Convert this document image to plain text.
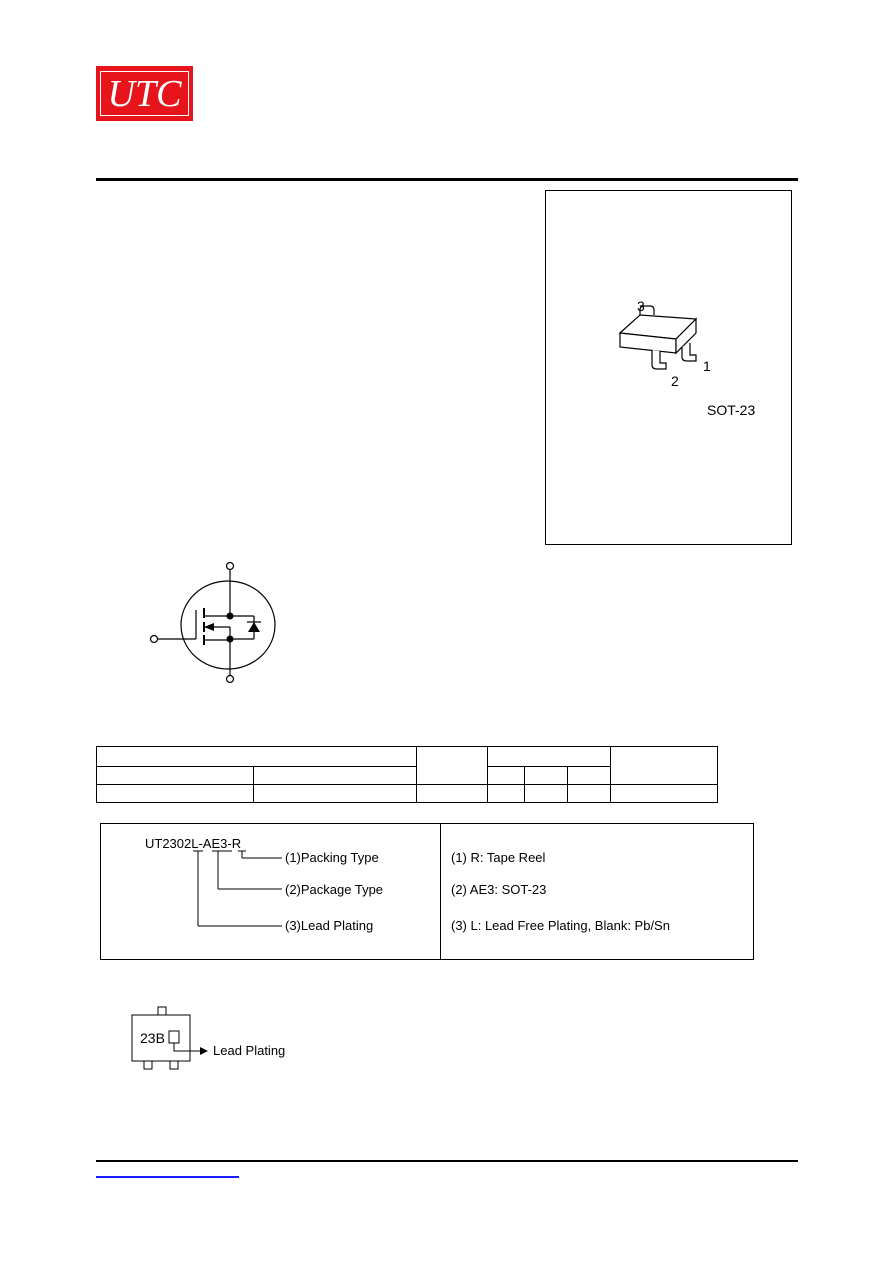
UTC
3
1
2
SOT-23

UT2302L-AE3-R
(1)Packing Type
(2)Package Type
(3)Lead Plating
(1) R: Tape Reel
(2) AE3: SOT-23
(3) L: Lead Free Plating, Blank: Pb/Sn
23B
Lead Plating
